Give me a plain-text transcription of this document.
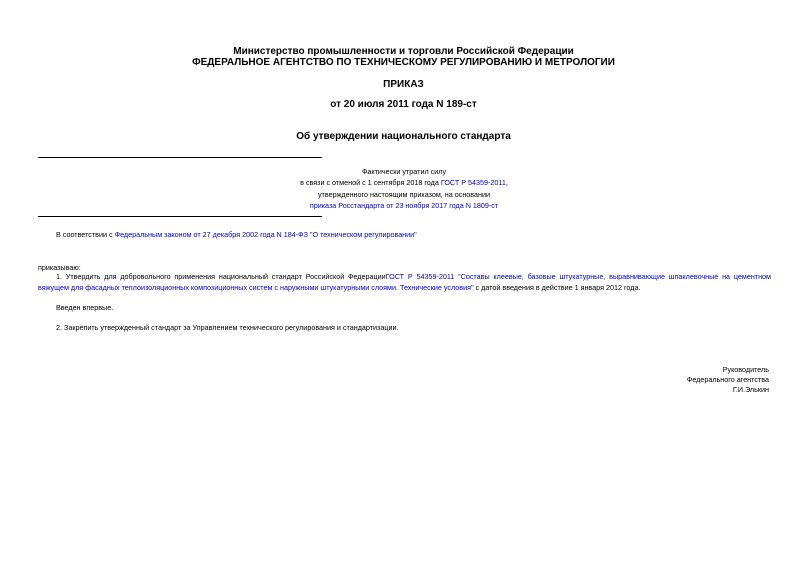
Министерство промышленности и торговли Российской Федерации
ФЕДЕРАЛЬНОЕ АГЕНТСТВО ПО ТЕХНИЧЕСКОМУ РЕГУЛИРОВАНИЮ И МЕТРОЛОГИИ
ПРИКАЗ
от 20 июля 2011 года N 189-ст
Об утверждении национального стандарта
Фактически утратил силу
в связи с отменой с 1 сентября 2018 года ГОСТ Р 54359-2011,
утвержденного настоящим приказом, на основании
приказа Росстандарта от 23 ноября 2017 года N 1809-ст
В соответствии с Федеральным законом от 27 декабря 2002 года N 184-ФЗ "О техническом регулировании"
приказываю:
1. Утвердить для добровольного применения национальный стандарт Российской ФедерацииГОСТ Р 54359-2011 "Составы клеевые, базовые штукатурные, выравнивающие шпаклевочные на цементном
вяжущем для фасадных теплоизоляционных композиционных систем с наружными штукатурными слоями. Технические условия" с датой введения в действие 1 января 2012 года.
Введен впервые.
2. Закрепить утвержденный стандарт за Управлением технического регулирования и стандартизации.
Руководитель
Федерального агентства
Г.И.Элькин
